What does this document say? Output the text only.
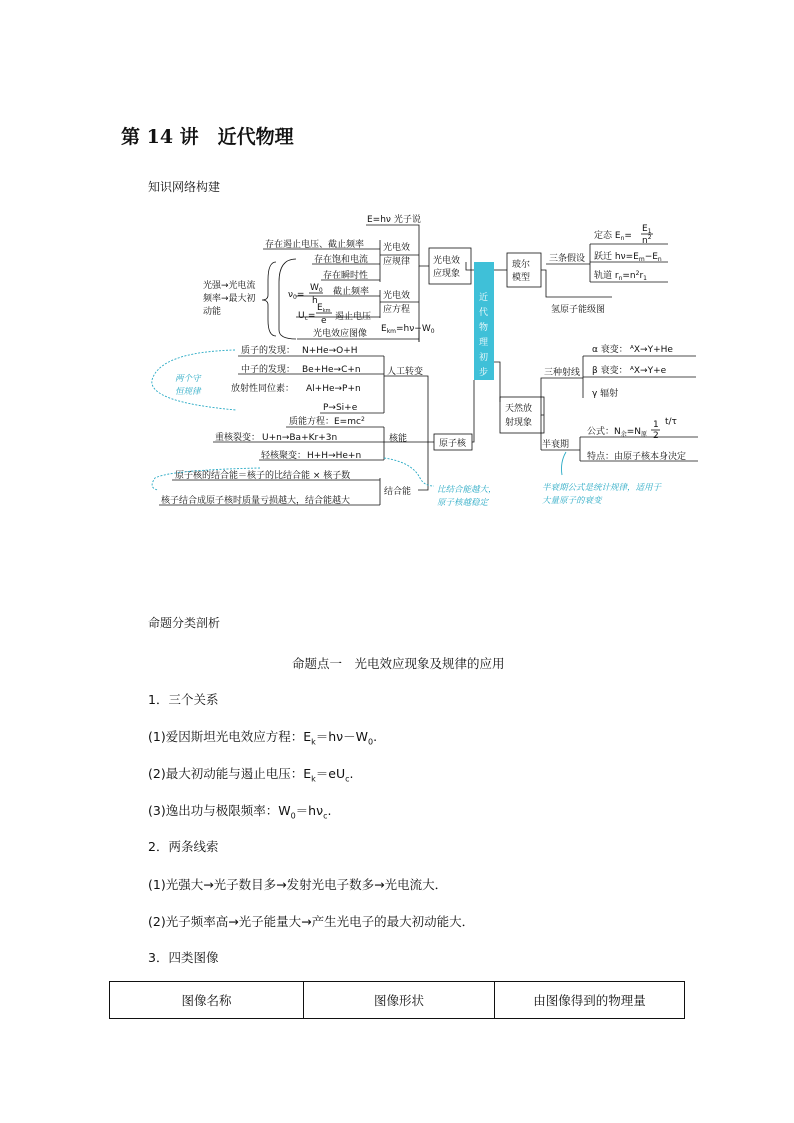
第 14 讲　近代物理
知识网络构建
近
代
物
理
初
步
光电效
应现象
E=hν 光子说
光电效
应规律
存在遏止电压、截止频率
存在饱和电流
存在瞬时性
光电效
应方程
截止频率
遏止电压
光电效应图像 $E_{km}=h\nu-W_0$
$\nu_0=$
$W_0$
h
$U_c=$
$E_{km}$
e
光强→光电流
频率→最大初
动能
玻尔
模型
三条假设
定态 $E_n=$
$E_1$
$n^2$
跃迁 $h\nu=E_m-E_n$
轨道 $r_n=n^2r_1$
氢原子能级图
天然放
射现象
三种射线
α 衰变： ᴬX→Y+He
β 衰变： ᴬX→Y+e
γ 辐射
半衰期
公式：$N_余=N_原$
1
2
t/τ
特点：由原子核本身决定
原子核
人工转变
质子的发现： N+He→O+H
中子的发现： Be+He→C+n
放射性同位素： Al+He→P+n
P→Si+e
核能
质能方程：$E=mc^2$
重核裂变： U+n→Ba+Kr+3n
轻核聚变： H+H→He+n
结合能
原子核的结合能＝核子的比结合能 × 核子数
核子结合成原子核时质量亏损越大，结合能越大
两个守
恒规律
比结合能越大，
原子核越稳定
半衰期公式是统计规律，适用于
大量原子的衰变
命题分类剖析
命题点一　光电效应现象及规律的应用
1．三个关系
(1)爱因斯坦光电效应方程：$E_k=h\nu-W_0$.
(2)最大初动能与遏止电压：$E_k=eU_c$.
(3)逸出功与极限频率：$W_0=h\nu_c$.
2．两条线索
(1)光强大→光子数目多→发射光电子数多→光电流大．
(2)光子频率高→光子能量大→产生光电子的最大初动能大．
3．四类图像
图像名称	图像形状	由图像得到的物理量
